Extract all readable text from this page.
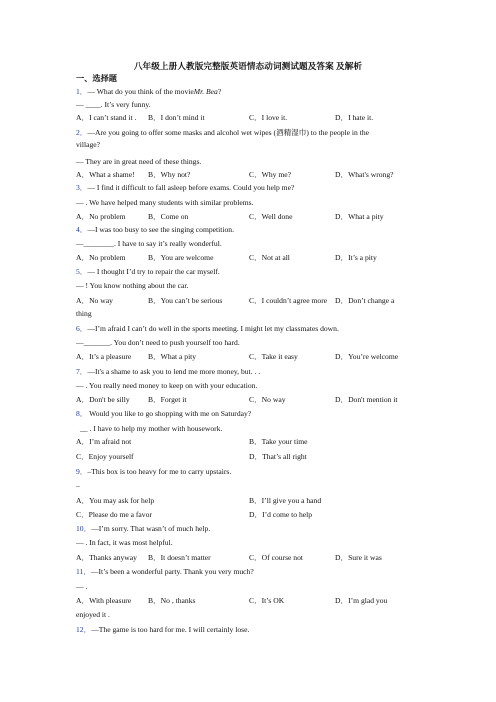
八年级上册人教版完整版英语情态动词测试题及答案 及解析
一、选择题
1．— What do you think of the movieMr. Bea?
— ____. It’s very funny.
A．I can’t stand it . B．I don’t mind it	C．I love it.	D．I hate it.
2．—Are you going to offer some masks and alcohol wet wipes (酒精湿巾) to the people in the
village?
— They are in great need of these things.
A．What a shame! B．Why not?	C．Why me?	D．What's wrong?
3．— I find it difficult to fall asleep before exams. Could you help me?
— . We have helped many students with similar problems.
A．No problem	B．Come on	C．Well done	D．What a pity
4．—I was too busy to see the singing competition.
—________. I have to say it’s really wonderful.
A．No problem	B．You are welcome	C．Not at all	D．It’s a pity
5．— I thought I’d try to repair the car myself.
— ! You know nothing about the car.
A．No way	B．You can’t be serious	C．I couldn’t agree more D．Don’t change a
thing
6．—I’m afraid I can’t do well in the sports meeting. I might let my classmates down.
—_______. You don’t need to push yourself too hard.
A．It’s a pleasure B．What a pity	C．Take it easy	D．You’re welcome
7．—It's a shame to ask you to lend me more money, but. . .
— . You really need money to keep on with your education.
A．Don't be silly B．Forget it	C．No way	D．Don't mention it
8． Would you like to go shopping with me on Saturday?
__ . I have to help my mother with housework.
A．I’m afraid not	B．Take your time
C．Enjoy yourself	D．That’s all right
9．–This box is too heavy for me to carry upstairs.
–
A．You may ask for help	B．I’ll give you a hand
C．Please do me a favor	D．I’d come to help
10．—I’m sorry. That wasn’t of much help.
— . In fact, it was most helpful.
A．Thanks anyway B．It doesn’t matter	C．Of course not	D．Sure it was
11．—It’s been a wonderful party. Thank you very much?
— .
A．With pleasure B．No , thanks	C．It’s OK	D．I’m glad you
enjoyed it .
12．—The game is too hard for me. I will certainly lose.
